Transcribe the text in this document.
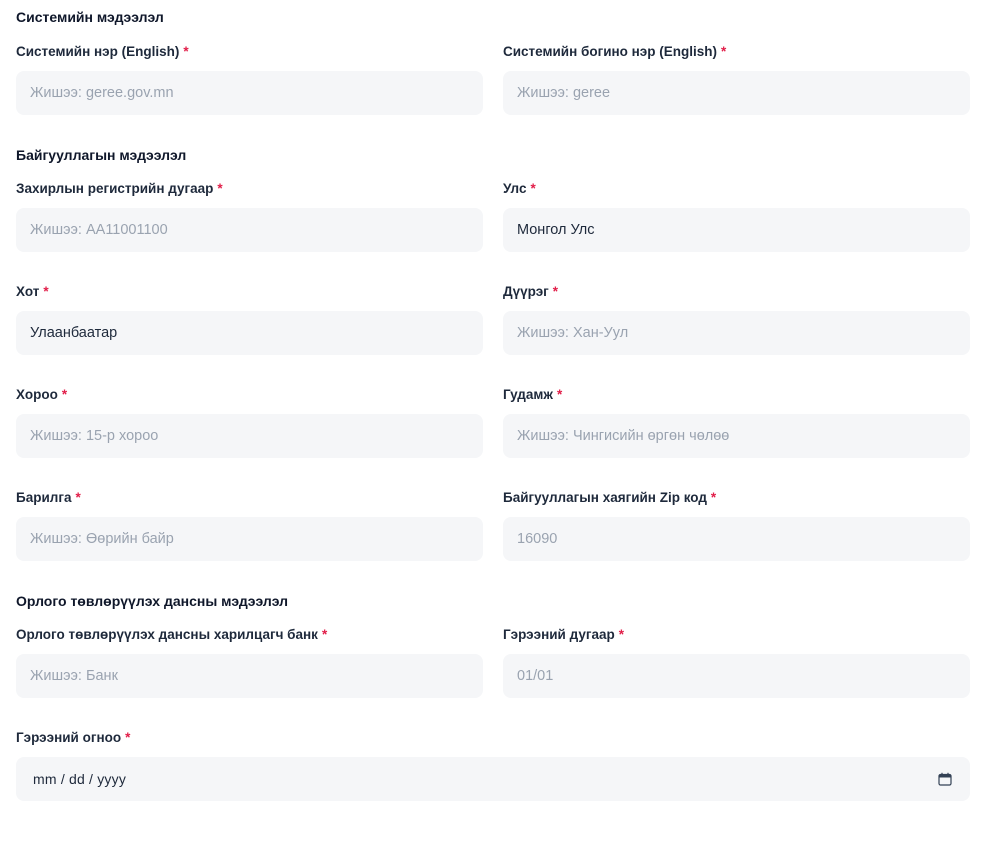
Системийн мэдээлэл
Системийн нэр (English) *
Жишээ: geree.gov.mn
Системийн богино нэр (English) *
Жишээ: geree
Байгууллагын мэдээлэл
Захирлын регистрийн дугаар *
Жишээ: AA11001100
Улс *
Монгол Улс
Хот *
Улаанбаатар
Дүүрэг *
Жишээ: Хан-Уул
Хороо *
Жишээ: 15-р хороо
Гудамж *
Жишээ: Чингисийн өргөн чөлөө
Барилга *
Жишээ: Өөрийн байр
Байгууллагын хаягийн Zip код *
16090
Орлого төвлөрүүлэх дансны мэдээлэл
Орлого төвлөрүүлэх дансны харилцагч банк *
Жишээ: Банк
Гэрээний дугаар *
01/01
Гэрээний огноо *
mm / dd / yyyy
